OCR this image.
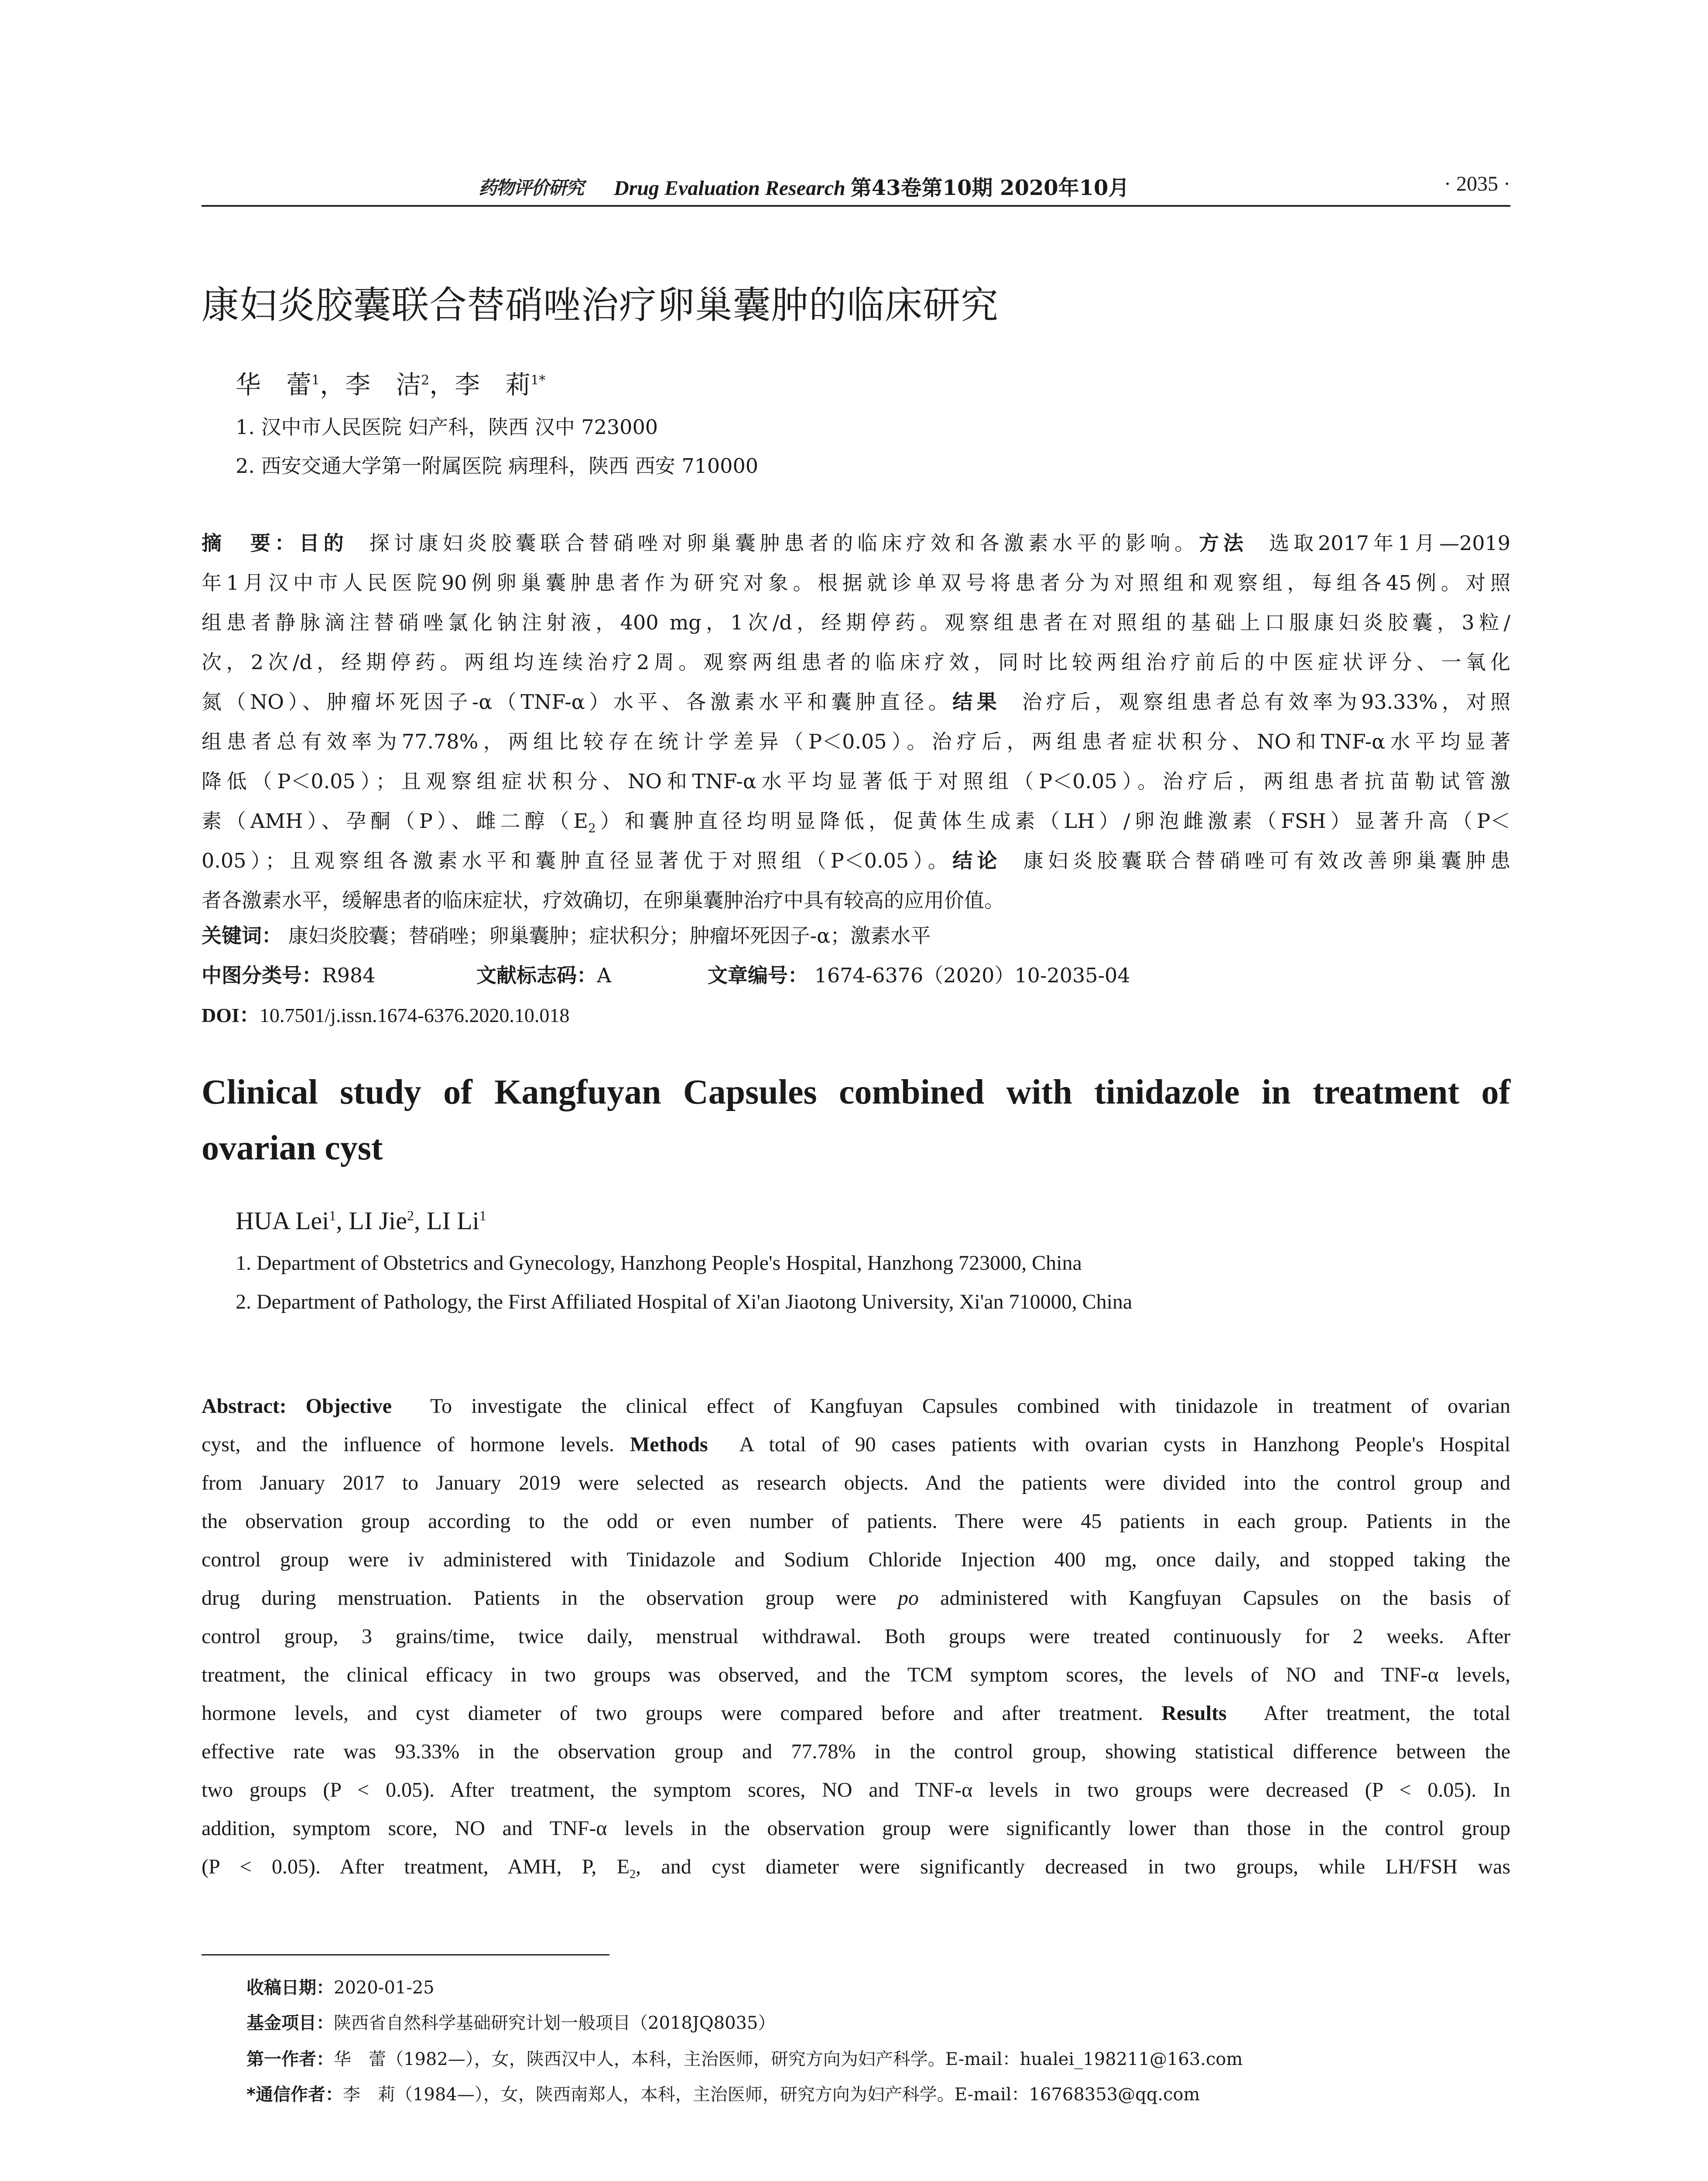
药物评价研究 Drug Evaluation Research 第43卷第10期 2020年10月	· 2035 ·
康妇炎胶囊联合替硝唑治疗卵巢囊肿的临床研究
华　蕾$^1$，李　洁$^2$，李　莉$^{1*}$
1. 汉中市人民医院 妇产科，陕西 汉中 723000
2. 西安交通大学第一附属医院 病理科，陕西 西安 710000
摘　要：目的 探讨康妇炎胶囊联合替硝唑对卵巢囊肿患者的临床疗效和各激素水平的影响。方法 选取2017年1月—2019
年1月汉中市人民医院90例卵巢囊肿患者作为研究对象。根据就诊单双号将患者分为对照组和观察组，每组各45例。对照
组患者静脉滴注替硝唑氯化钠注射液，400 mg，1次/d，经期停药。观察组患者在对照组的基础上口服康妇炎胶囊，3粒/
次，2次/d，经期停药。两组均连续治疗2周。观察两组患者的临床疗效，同时比较两组治疗前后的中医症状评分、一氧化
氮（NO）、肿瘤坏死因子-α（TNF-α）水平、各激素水平和囊肿直径。结果 治疗后，观察组患者总有效率为93.33%，对照
组患者总有效率为77.78%，两组比较存在统计学差异（P＜0.05）。治疗后，两组患者症状积分、NO和TNF-α水平均显著
降低（P＜0.05）；且观察组症状积分、NO和TNF-α水平均显著低于对照组（P＜0.05）。治疗后，两组患者抗苗勒试管激
素（AMH）、孕酮（P）、雌二醇$(E_2)$和囊肿直径均明显降低，促黄体生成素（LH）/卵泡雌激素（FSH）显著升高（P＜
0.05）；且观察组各激素水平和囊肿直径显著优于对照组（P＜0.05）。结论 康妇炎胶囊联合替硝唑可有效改善卵巢囊肿患
者各激素水平，缓解患者的临床症状，疗效确切，在卵巢囊肿治疗中具有较高的应用价值。
关键词： 康妇炎胶囊；替硝唑；卵巢囊肿；症状积分；肿瘤坏死因子-α；激素水平
中图分类号：R984	文献标志码：A	文章编号： 1674-6376（2020）10-2035-04
DOI：10.7501/j.issn.1674-6376.2020.10.018
Clinical study of Kangfuyan Capsules combined with tinidazole in treatment of
ovarian cyst
HUA Lei$^1$, LI Jie$^2$, LI Li$^1$
1. Department of Obstetrics and Gynecology, Hanzhong People's Hospital, Hanzhong 723000, China
2. Department of Pathology, the First Affiliated Hospital of Xi'an Jiaotong University, Xi'an 710000, China
Abstract: Objective To investigate the clinical effect of Kangfuyan Capsules combined with tinidazole in treatment of ovarian
cyst, and the influence of hormone levels. Methods A total of 90 cases patients with ovarian cysts in Hanzhong People's Hospital
from January 2017 to January 2019 were selected as research objects. And the patients were divided into the control group and
the observation group according to the odd or even number of patients. There were 45 patients in each group. Patients in the
control group were iv administered with Tinidazole and Sodium Chloride Injection 400 mg, once daily, and stopped taking the
drug during menstruation. Patients in the observation group were po administered with Kangfuyan Capsules on the basis of
control group, 3 grains/time, twice daily, menstrual withdrawal. Both groups were treated continuously for 2 weeks. After
treatment, the clinical efficacy in two groups was observed, and the TCM symptom scores, the levels of NO and TNF-α levels,
hormone levels, and cyst diameter of two groups were compared before and after treatment. Results After treatment, the total
effective rate was 93.33% in the observation group and 77.78% in the control group, showing statistical difference between the
two groups (P < 0.05). After treatment, the symptom scores, NO and TNF-α levels in two groups were decreased (P < 0.05). In
addition, symptom score, NO and TNF-α levels in the observation group were significantly lower than those in the control group
(P < 0.05). After treatment, AMH, P, $E_2$, and cyst diameter were significantly decreased in two groups, while LH/FSH was
收稿日期：2020-01-25
基金项目：陕西省自然科学基础研究计划一般项目（2018JQ8035）
第一作者：华　蕾（1982—），女，陕西汉中人，本科，主治医师，研究方向为妇产科学。E-mail：hualei_198211@163.com
*通信作者：李　莉（1984—），女，陕西南郑人，本科，主治医师，研究方向为妇产科学。E-mail：16768353@qq.com
